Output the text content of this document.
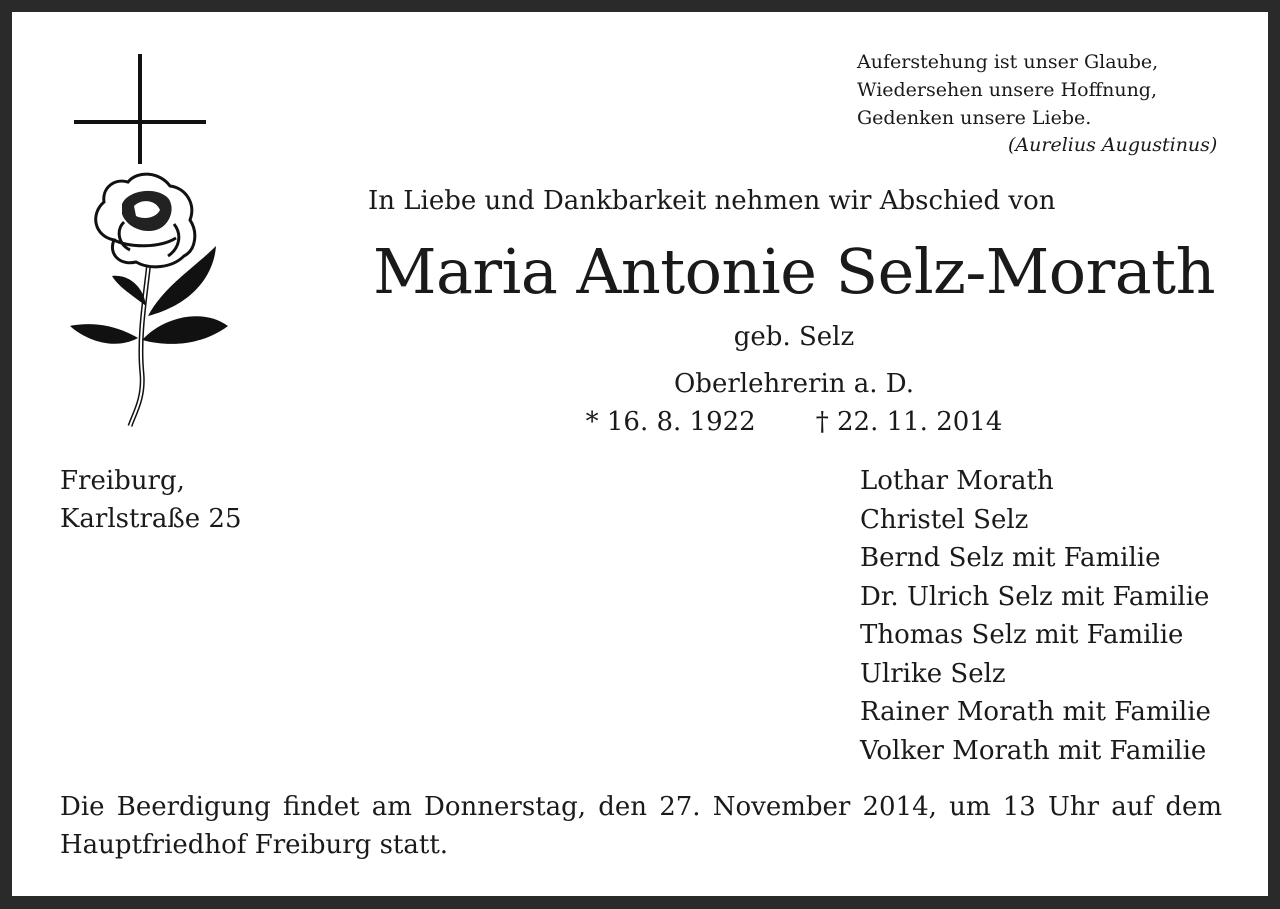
Auferstehung ist unser Glaube,
Wiedersehen unsere Hoffnung,
Gedenken unsere Liebe.
(Aurelius Augustinus)
In Liebe und Dankbarkeit nehmen wir Abschied von
Maria Antonie Selz-Morath
geb. Selz
Oberlehrerin a. D.
* 16. 8. 1922 † 22. 11. 2014
Freiburg,
Karlstraße 25
Lothar Morath
Christel Selz
Bernd Selz mit Familie
Dr. Ulrich Selz mit Familie
Thomas Selz mit Familie
Ulrike Selz
Rainer Morath mit Familie
Volker Morath mit Familie
Die Beerdigung findet am Donnerstag, den 27. November 2014, um 13 Uhr auf dem
Hauptfriedhof Freiburg statt.
